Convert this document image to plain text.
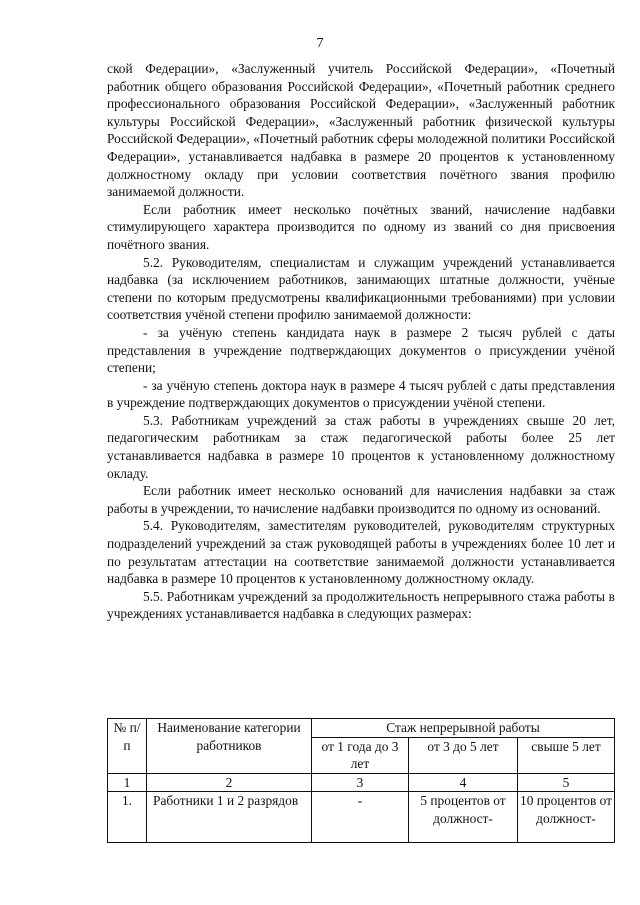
7

ской Федерации», «Заслуженный учитель Российской Федерации», «Почетный работник общего образования Российской Федерации», «Почетный работник среднего профессионального образования Российской Федерации», «Заслуженный работник культуры Российской Федерации», «Заслуженный работник физической культуры Российской Федерации», «Почетный работник сферы молодежной политики Российской Федерации», устанавливается надбавка в размере 20 процентов к установленному должностному окладу при условии соответствия почётного звания профилю занимаемой должности.

Если работник имеет несколько почётных званий, начисление надбавки стимулирующего характера производится по одному из званий со дня присвоения почётного звания.

5.2. Руководителям, специалистам и служащим учреждений устанавливается надбавка (за исключением работников, занимающих штатные должности, учёные степени по которым предусмотрены квалификационными требованиями) при условии соответствия учёной степени профилю занимаемой должности:

- за учёную степень кандидата наук в размере 2 тысяч рублей с даты представления в учреждение подтверждающих документов о присуждении учёной степени;

- за учёную степень доктора наук в размере 4 тысяч рублей с даты представления в учреждение подтверждающих документов о присуждении учёной степени.

5.3. Работникам учреждений за стаж работы в учреждениях свыше 20 лет, педагогическим работникам за стаж педагогической работы более 25 лет устанавливается надбавка в размере 10 процентов к установленному должностному окладу.

Если работник имеет несколько оснований для начисления надбавки за стаж работы в учреждении, то начисление надбавки производится по одному из оснований.

5.4. Руководителям, заместителям руководителей, руководителям структурных подразделений учреждений за стаж руководящей работы в учреждениях более 10 лет и по результатам аттестации на соответствие занимаемой должности устанавливается надбавка в размере 10 процентов к установленному должностному окладу.

5.5. Работникам учреждений за продолжительность непрерывного стажа работы в учреждениях устанавливается надбавка в следующих размерах:

№ п/п	Наименование категории работников	Стаж непрерывной работы		
		от 1 года до 3 лет	от 3 до 5 лет	свыше 5 лет
1	2	3	4	5
1.	Работники 1 и 2 разрядов	-	5 процентов от должност-	10 процентов от должност-
